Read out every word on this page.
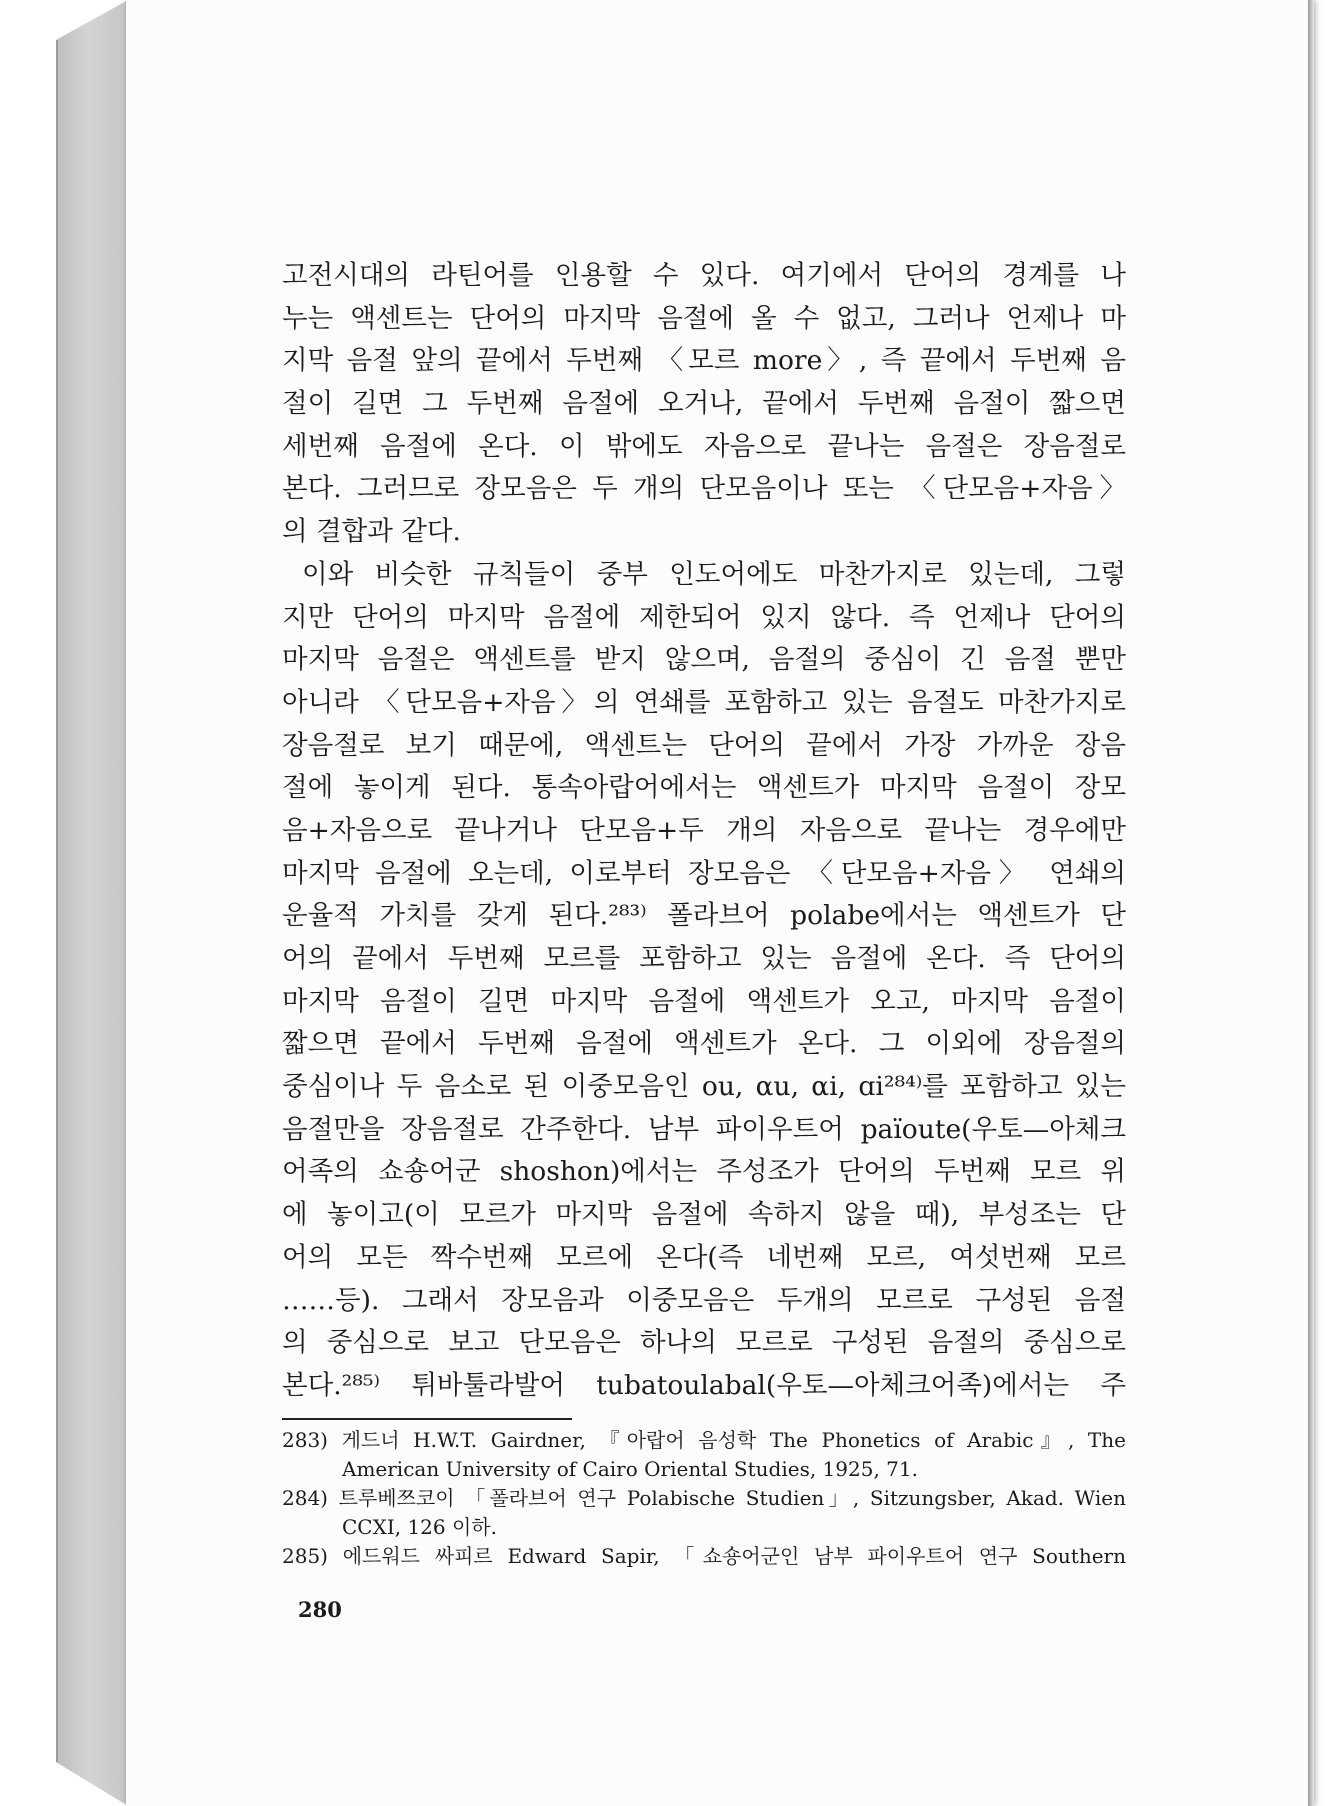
고전시대의 라틴어를 인용할 수 있다. 여기에서 단어의 경계를 나
누는 액센트는 단어의 마지막 음절에 올 수 없고, 그러나 언제나 마
지막 음절 앞의 끝에서 두번째 〈모르 more〉, 즉 끝에서 두번째 음
절이 길면 그 두번째 음절에 오거나, 끝에서 두번째 음절이 짧으면
세번째 음절에 온다. 이 밖에도 자음으로 끝나는 음절은 장음절로
본다. 그러므로 장모음은 두 개의 단모음이나 또는 〈단모음+자음〉
의 결합과 같다.
이와 비슷한 규칙들이 중부 인도어에도 마찬가지로 있는데, 그렇
지만 단어의 마지막 음절에 제한되어 있지 않다. 즉 언제나 단어의
마지막 음절은 액센트를 받지 않으며, 음절의 중심이 긴 음절 뿐만
아니라 〈단모음+자음〉의 연쇄를 포함하고 있는 음절도 마찬가지로
장음절로 보기 때문에, 액센트는 단어의 끝에서 가장 가까운 장음
절에 놓이게 된다. 통속아랍어에서는 액센트가 마지막 음절이 장모
음+자음으로 끝나거나 단모음+두 개의 자음으로 끝나는 경우에만
마지막 음절에 오는데, 이로부터 장모음은 〈단모음+자음〉 연쇄의
운율적 가치를 갖게 된다.²⁸³⁾ 폴라브어 polabe에서는 액센트가 단
어의 끝에서 두번째 모르를 포함하고 있는 음절에 온다. 즉 단어의
마지막 음절이 길면 마지막 음절에 액센트가 오고, 마지막 음절이
짧으면 끝에서 두번째 음절에 액센트가 온다. 그 이외에 장음절의
중심이나 두 음소로 된 이중모음인 ou, αu, αi, ɑi²⁸⁴⁾를 포함하고 있는
음절만을 장음절로 간주한다. 남부 파이우트어 païoute(우토—아체크
어족의 쇼숑어군 shoshon)에서는 주성조가 단어의 두번째 모르 위
에 놓이고(이 모르가 마지막 음절에 속하지 않을 때), 부성조는 단
어의 모든 짝수번째 모르에 온다(즉 네번째 모르, 여섯번째 모르
……등). 그래서 장모음과 이중모음은 두개의 모르로 구성된 음절
의 중심으로 보고 단모음은 하나의 모르로 구성된 음절의 중심으로
본다.²⁸⁵⁾ 튀바툴라발어 tubatoulabal(우토—아체크어족)에서는 주
283) 게드너 H.W.T. Gairdner, 『아랍어 음성학 The Phonetics of Arabic』, The
American University of Cairo Oriental Studies, 1925, 71.
284) 트루베쯔코이 「폴라브어 연구 Polabische Studien」, Sitzungsber, Akad. Wien
CCXI, 126 이하.
285) 에드워드 싸피르 Edward Sapir, 「쇼숑어군인 남부 파이우트어 연구 Southern
280
